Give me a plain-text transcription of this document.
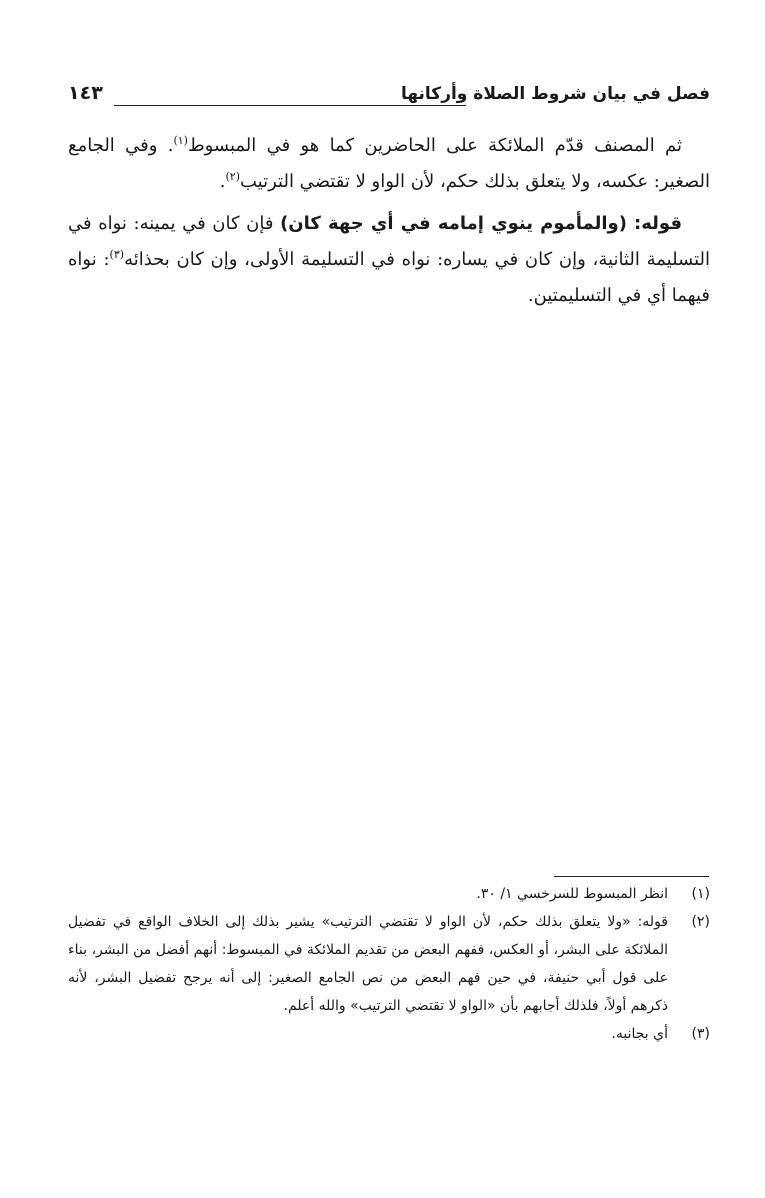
فصل في بيان شروط الصلاة وأركانها
١٤٣

ثم المصنف قدّم الملائكة على الحاضرين كما هو في المبسوط$^{(١)}$. وفي الجامع الصغير: عكسه، ولا يتعلق بذلك حكم، لأن الواو لا تقتضي الترتيب$^{(٢)}$.

قوله: (والمأموم ينوي إمامه في أي جهة كان) فإن كان في يمينه: نواه في التسليمة الثانية، وإن كان في يساره: نواه في التسليمة الأولى، وإن كان بحذائه$^{(٣)}$: نواه فيهما أي في التسليمتين.

(١)
انظر المبسوط للسرخسي ١/ ٣٠.
(٢)
قوله: «ولا يتعلق بذلك حكم، لأن الواو لا تقتضي الترتيب» يشير بذلك إلى الخلاف الواقع في تفضيل الملائكة على البشر، أو العكس، ففهم البعض من تقديم الملائكة في المبسوط: أنهم أفضل من البشر، بناء على قول أبي حنيفة، في حين فهم البعض من نص الجامع الصغير: إلى أنه يرجح تفضيل البشر، لأنه ذكرهم أولاً، فلذلك أجابهم بأن «الواو لا تقتضي الترتيب» والله أعلم.
(٣)
أي بجانبه.
